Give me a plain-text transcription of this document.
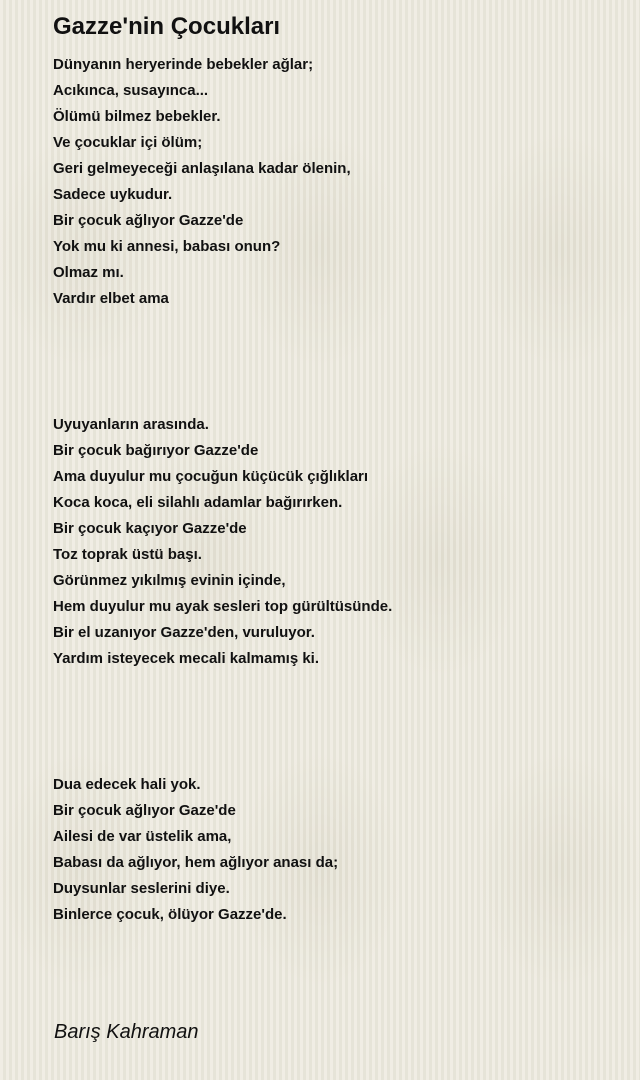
Gazze'nin Çocukları
Dünyanın heryerinde bebekler ağlar;
Acıkınca, susayınca...
Ölümü bilmez bebekler.
Ve çocuklar içi ölüm;
Geri gelmeyeceği anlaşılana kadar ölenin,
Sadece uykudur.
Bir çocuk ağlıyor Gazze'de
Yok mu ki annesi, babası onun?
Olmaz mı.
Vardır elbet ama
Uyuyanların arasında.
Bir çocuk bağırıyor Gazze'de
Ama duyulur mu çocuğun küçücük çığlıkları
Koca koca, eli silahlı adamlar bağırırken.
Bir çocuk kaçıyor Gazze'de
Toz toprak üstü başı.
Görünmez yıkılmış evinin içinde,
Hem duyulur mu ayak sesleri top gürültüsünde.
Bir el uzanıyor Gazze'den, vuruluyor.
Yardım isteyecek mecali kalmamış ki.
Dua edecek hali yok.
Bir çocuk ağlıyor Gaze'de
Ailesi de var üstelik ama,
Babası da ağlıyor, hem ağlıyor anası da;
Duysunlar seslerini diye.
Binlerce çocuk, ölüyor Gazze'de.

Barış Kahraman
